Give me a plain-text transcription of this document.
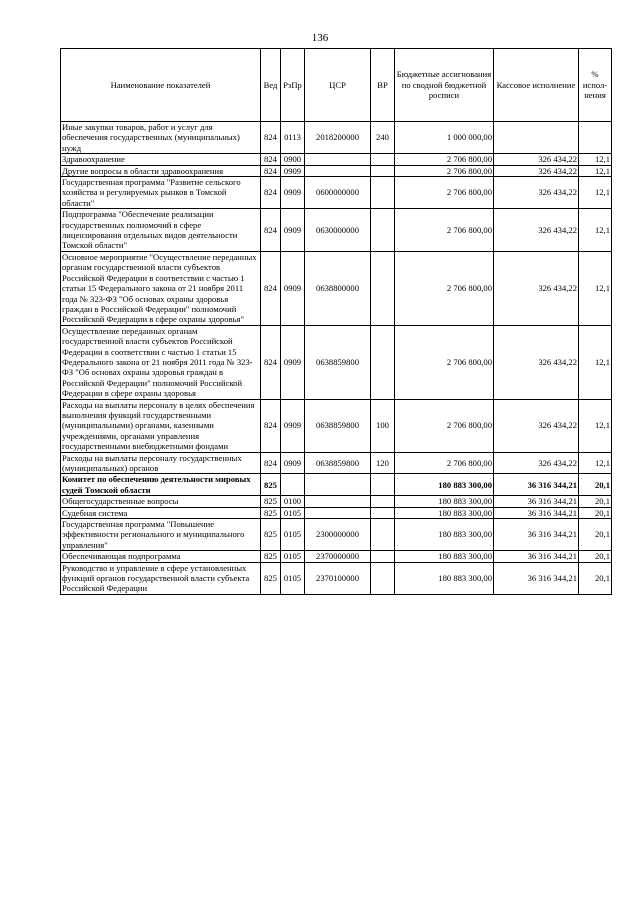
136
Наименование показателей	Вед	РзПр	ЦСР	ВР	Бюджетные ассигнования по сводной бюджетной росписи	Кассовое исполнение	% испол-нения
Иные закупки товаров, работ и услуг для обеспечения государственных (муниципальных) нужд	824	0113	2018200000	240	1 000 000,00		
Здравоохранение	824	0900			2 706 800,00	326 434,22	12,1
Другие вопросы в области здравоохранения	824	0909			2 706 800,00	326 434,22	12,1
Государственная программа "Развитие сельского хозяйства и регулируемых рынков в Томской области"	824	0909	0600000000		2 706 800,00	326 434,22	12,1
Подпрограмма "Обеспечение реализации государственных полномочий в сфере лицензирования отдельных видов деятельности Томской области"	824	0909	0630000000		2 706 800,00	326 434,22	12,1
Основное мероприятие "Осуществление переданных органам государственной власти субъектов Российской Федерации в соответствии с частью 1 статьи 15 Федерального закона от 21 ноября 2011 года № 323-ФЗ "Об основах охраны здоровья граждан в Российской Федерации" полномочий Российской Федерации в сфере охраны здоровья"	824	0909	0638800000		2 706 800,00	326 434,22	12,1
Осуществление переданных органам государственной власти субъектов Российской Федерации в соответствии с частью 1 статьи 15 Федерального закона от 21 ноября 2011 года № 323-ФЗ "Об основах охраны здоровья граждан в Российской Федерации" полномочий Российской Федерации в сфере охраны здоровья	824	0909	0638859800		2 706 800,00	326 434,22	12,1
Расходы на выплаты персоналу в целях обеспечения выполнения функций государственными (муниципальными) органами, казенными учреждениями, органами управления государственными внебюджетными фондами	824	0909	0638859800	100	2 706 800,00	326 434,22	12,1
Расходы на выплаты персоналу государственных (муниципальных) органов	824	0909	0638859800	120	2 706 800,00	326 434,22	12,1
Комитет по обеспечению деятельности мировых судей Томской области	825				180 883 300,00	36 316 344,21	20,1
Общегосударственные вопросы	825	0100			180 883 300,00	36 316 344,21	20,1
Судебная система	825	0105			180 883 300,00	36 316 344,21	20,1
Государственная программа "Повышение эффективности регионального и муниципального управления"	825	0105	2300000000		180 883 300,00	36 316 344,21	20,1
Обеспечивающая подпрограмма	825	0105	2370000000		180 883 300,00	36 316 344,21	20,1
Руководство и управление в сфере установленных функций органов государственной власти субъекта Российской Федерации	825	0105	2370100000		180 883 300,00	36 316 344,21	20,1
